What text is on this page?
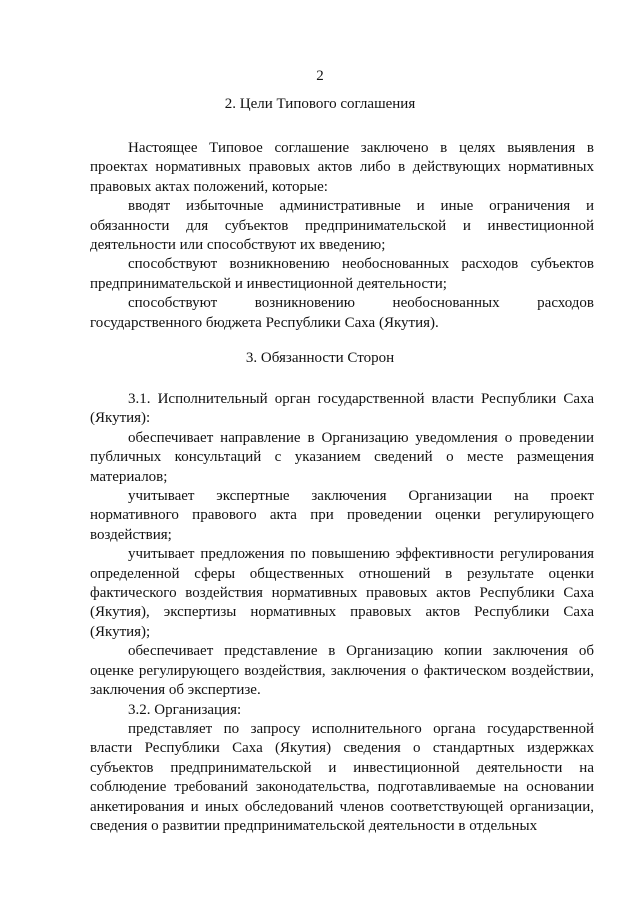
2
2. Цели Типового соглашения

Настоящее Типовое соглашение заключено в целях выявления в проектах нормативных правовых актов либо в действующих нормативных правовых актах положений, которые:

вводят избыточные административные и иные ограничения и обязанности для субъектов предпринимательской и инвестиционной деятельности или способствуют их введению;

способствуют возникновению необоснованных расходов субъектов предпринимательской и инвестиционной деятельности;

способствуют возникновению необоснованных расходов государственного бюджета Республики Саха (Якутия).

3. Обязанности Сторон

3.1. Исполнительный орган государственной власти Республики Саха (Якутия):

обеспечивает направление в Организацию уведомления о проведении публичных консультаций с указанием сведений о месте размещения материалов;

учитывает экспертные заключения Организации на проект нормативного правового акта при проведении оценки регулирующего воздействия;

учитывает предложения по повышению эффективности регулирования определенной сферы общественных отношений в результате оценки фактического воздействия нормативных правовых актов Республики Саха (Якутия), экспертизы нормативных правовых актов Республики Саха (Якутия);

обеспечивает представление в Организацию копии заключения об оценке регулирующего воздействия, заключения о фактическом воздействии, заключения об экспертизе.

3.2. Организация:

представляет по запросу исполнительного органа государственной власти Республики Саха (Якутия) сведения о стандартных издержках субъектов предпринимательской и инвестиционной деятельности на соблюдение требований законодательства, подготавливаемые на основании анкетирования и иных обследований членов соответствующей организации, сведения о развитии предпринимательской деятельности в отдельных
